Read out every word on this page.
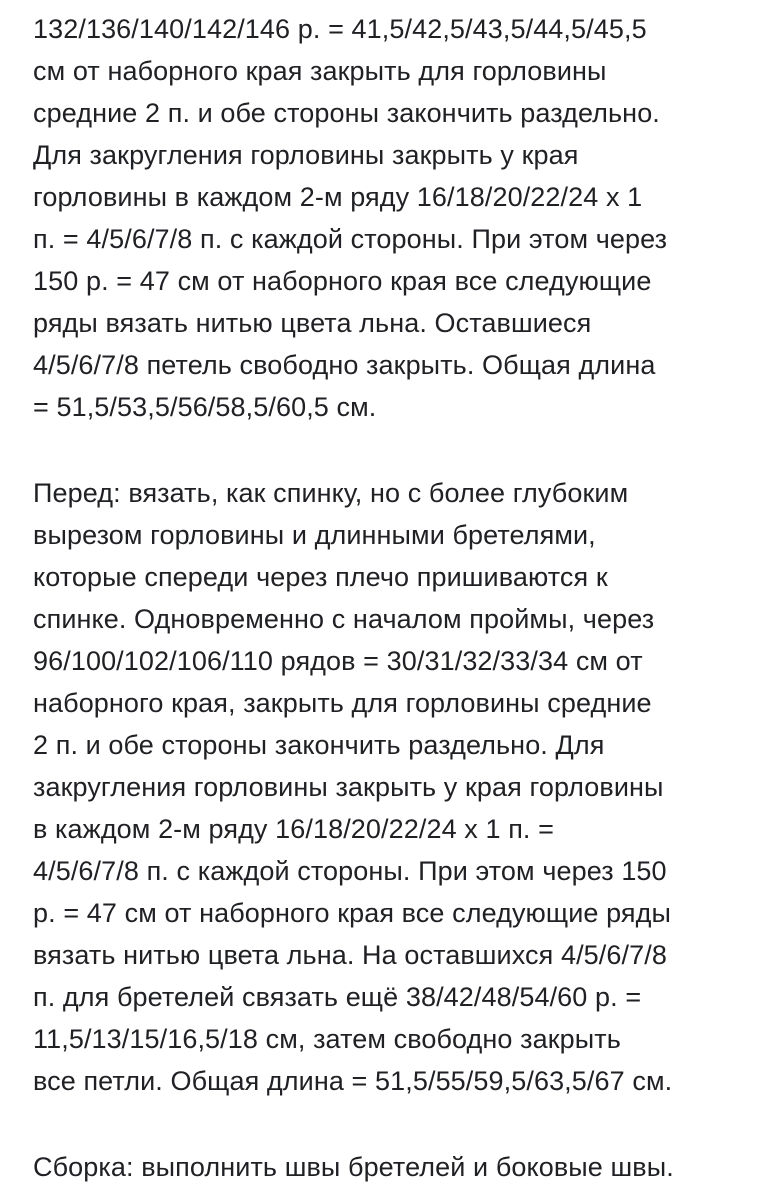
132/136/140/142/146 р. = 41,5/42,5/43,5/44,5/45,5
см от наборного края закрыть для горловины
средние 2 п. и обе стороны закончить раздельно.
Для закругления горловины закрыть у края
горловины в каждом 2-м ряду 16/18/20/22/24 х 1
п. = 4/5/6/7/8 п. с каждой стороны. При этом через
150 р. = 47 см от наборного края все следующие
ряды вязать нитью цвета льна. Оставшиеся
4/5/6/7/8 петель свободно закрыть. Общая длина
= 51,5/53,5/56/58,5/60,5 см.
Перед: вязать, как спинку, но с более глубоким
вырезом горловины и длинными бретелями,
которые спереди через плечо пришиваются к
спинке. Одновременно с началом проймы, через
96/100/102/106/110 рядов = 30/31/32/33/34 см от
наборного края, закрыть для горловины средние
2 п. и обе стороны закончить раздельно. Для
закругления горловины закрыть у края горловины
в каждом 2-м ряду 16/18/20/22/24 х 1 п. =
4/5/6/7/8 п. с каждой стороны. При этом через 150
р. = 47 см от наборного края все следующие ряды
вязать нитью цвета льна. На оставшихся 4/5/6/7/8
п. для бретелей связать ещё 38/42/48/54/60 р. =
11,5/13/15/16,5/18 см, затем свободно закрыть
все петли. Общая длина = 51,5/55/59,5/63,5/67 см.
Сборка: выполнить швы бретелей и боковые швы.
